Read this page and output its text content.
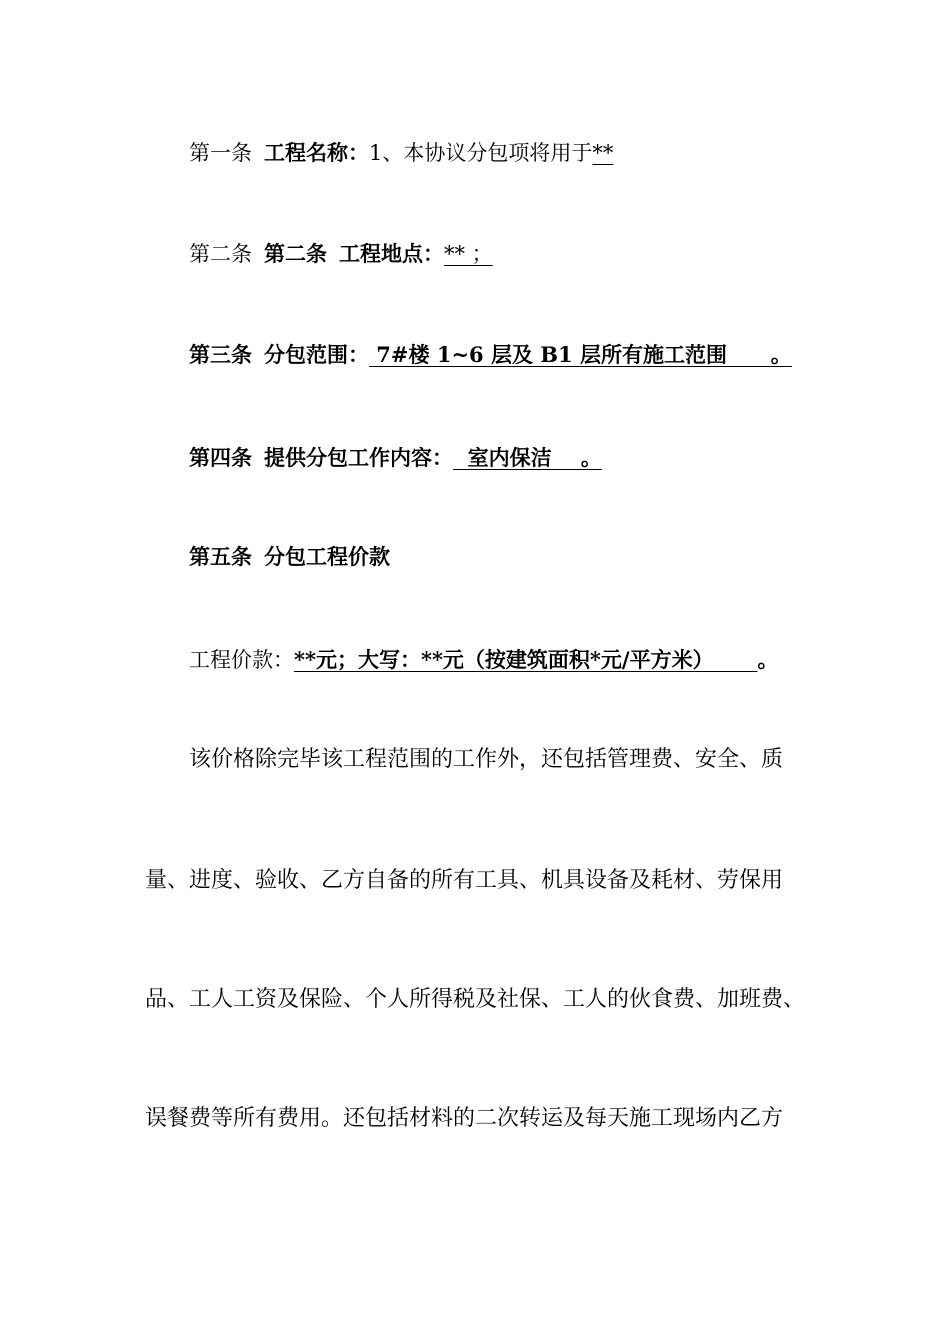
第一条 工程名称：1、本协议分包项将用于**
第二条 第二条 工程地点：** ；
第三条 分包范围： 7#楼 1~6 层及 B1 层所有施工范围      。
第四条 提供分包工作内容：  室内保洁    。
第五条 分包工程价款
工程价款：**元；大写：**元（按建筑面积*元/平方米）      。
该价格除完毕该工程范围的工作外，还包括管理费、安全、质
量、进度、验收、乙方自备的所有工具、机具设备及耗材、劳保用
品、工人工资及保险、个人所得税及社保、工人的伙食费、加班费、
误餐费等所有费用。还包括材料的二次转运及每天施工现场内乙方
